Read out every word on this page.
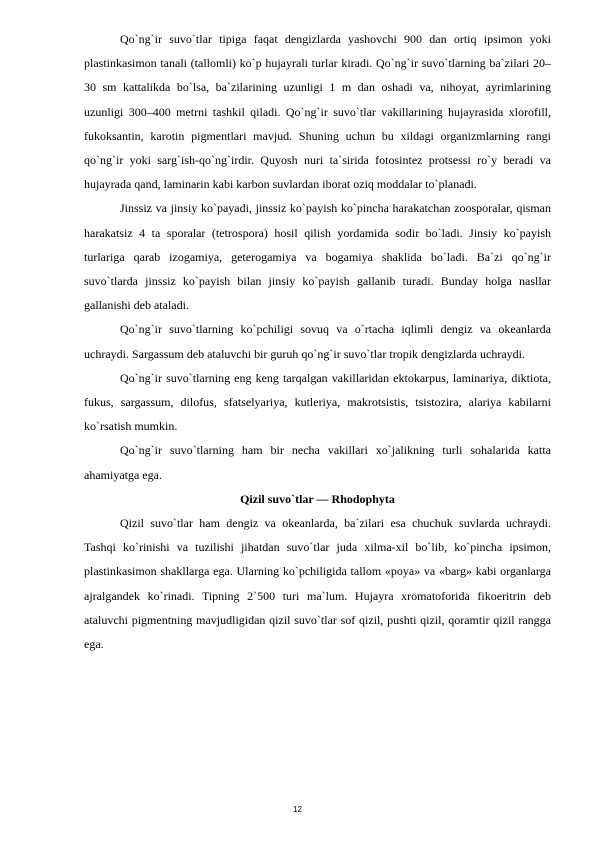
Qo`ng`ir suvo`tlar tipiga faqat dengizlarda yashovchi 900 dan ortiq ipsimon yoki plastinkasimon tanali (tallomli) ko`p hujayrali turlar kiradi. Qo`ng`ir suvo`tlarning ba`zilari 20–30 sm kattalikda bo`lsa, ba`zilarining uzunligi 1 m dan oshadi va, nihoyat, ayrimlarining uzunligi 300–400 metrni tashkil qiladi. Qo`ng`ir suvo`tlar vakillarining hujayrasida xlorofill, fukoksantin, karotin pigmentlari mavjud. Shuning uchun bu xildagi organizmlarning rangi qo`ng`ir yoki sarg`ish-qo`ng`irdir. Quyosh nuri ta`sirida fotosintez protsessi ro`y beradi va hujayrada qand, laminarin kabi karbon suvlardan iborat oziq moddalar to`planadi.

Jinssiz va jinsiy ko`payadi, jinssiz ko`payish ko`pincha harakatchan zoosporalar, qisman harakatsiz 4 ta sporalar (tetrospora) hosil qilish yordamida sodir bo`ladi. Jinsiy ko`payish turlariga qarab izogamiya, geterogamiya va bogamiya shaklida bo`ladi. Ba`zi qo`ng`ir suvo`tlarda jinssiz ko`payish bilan jinsiy ko`payish gallanib turadi. Bunday holga nasllar gallanishi deb ataladi.

Qo`ng`ir suvo`tlarning ko`pchiligi sovuq va o`rtacha iqlimli dengiz va okeanlarda uchraydi. Sargassum deb ataluvchi bir guruh qo`ng`ir suvo`tlar tropik dengizlarda uchraydi.

Qo`ng`ir suvo`tlarning eng keng tarqalgan vakillaridan ektokarpus, laminariya, diktiota, fukus, sargassum, dilofus, sfatselyariya, kutleriya, makrotsistis, tsistozira, alariya kabilarni ko`rsatish mumkin.

Qo`ng`ir suvo`tlarning ham bir necha vakillari xo`jalikning turli sohalarida katta ahamiyatga ega.

Qizil suvo`tlar — Rhodophyta

Qizil suvo`tlar ham dengiz va okeanlarda, ba`zilari esa chuchuk suvlarda uchraydi. Tashqi ko`rinishi va tuzilishi jihatdan suvo`tlar juda xilma-xil bo`lib, ko`pincha ipsimon, plastinkasimon shakllarga ega. Ularning ko`pchiligida tallom «poya» va «barg» kabi organlarga ajralgandek ko`rinadi. Tipning 2`500 turi ma`lum. Hujayra xromatoforida fikoeritrin deb ataluvchi pigmentning mavjudligidan qizil suvo`tlar sof qizil, pushti qizil, qoramtir qizil rangga ega.

12
